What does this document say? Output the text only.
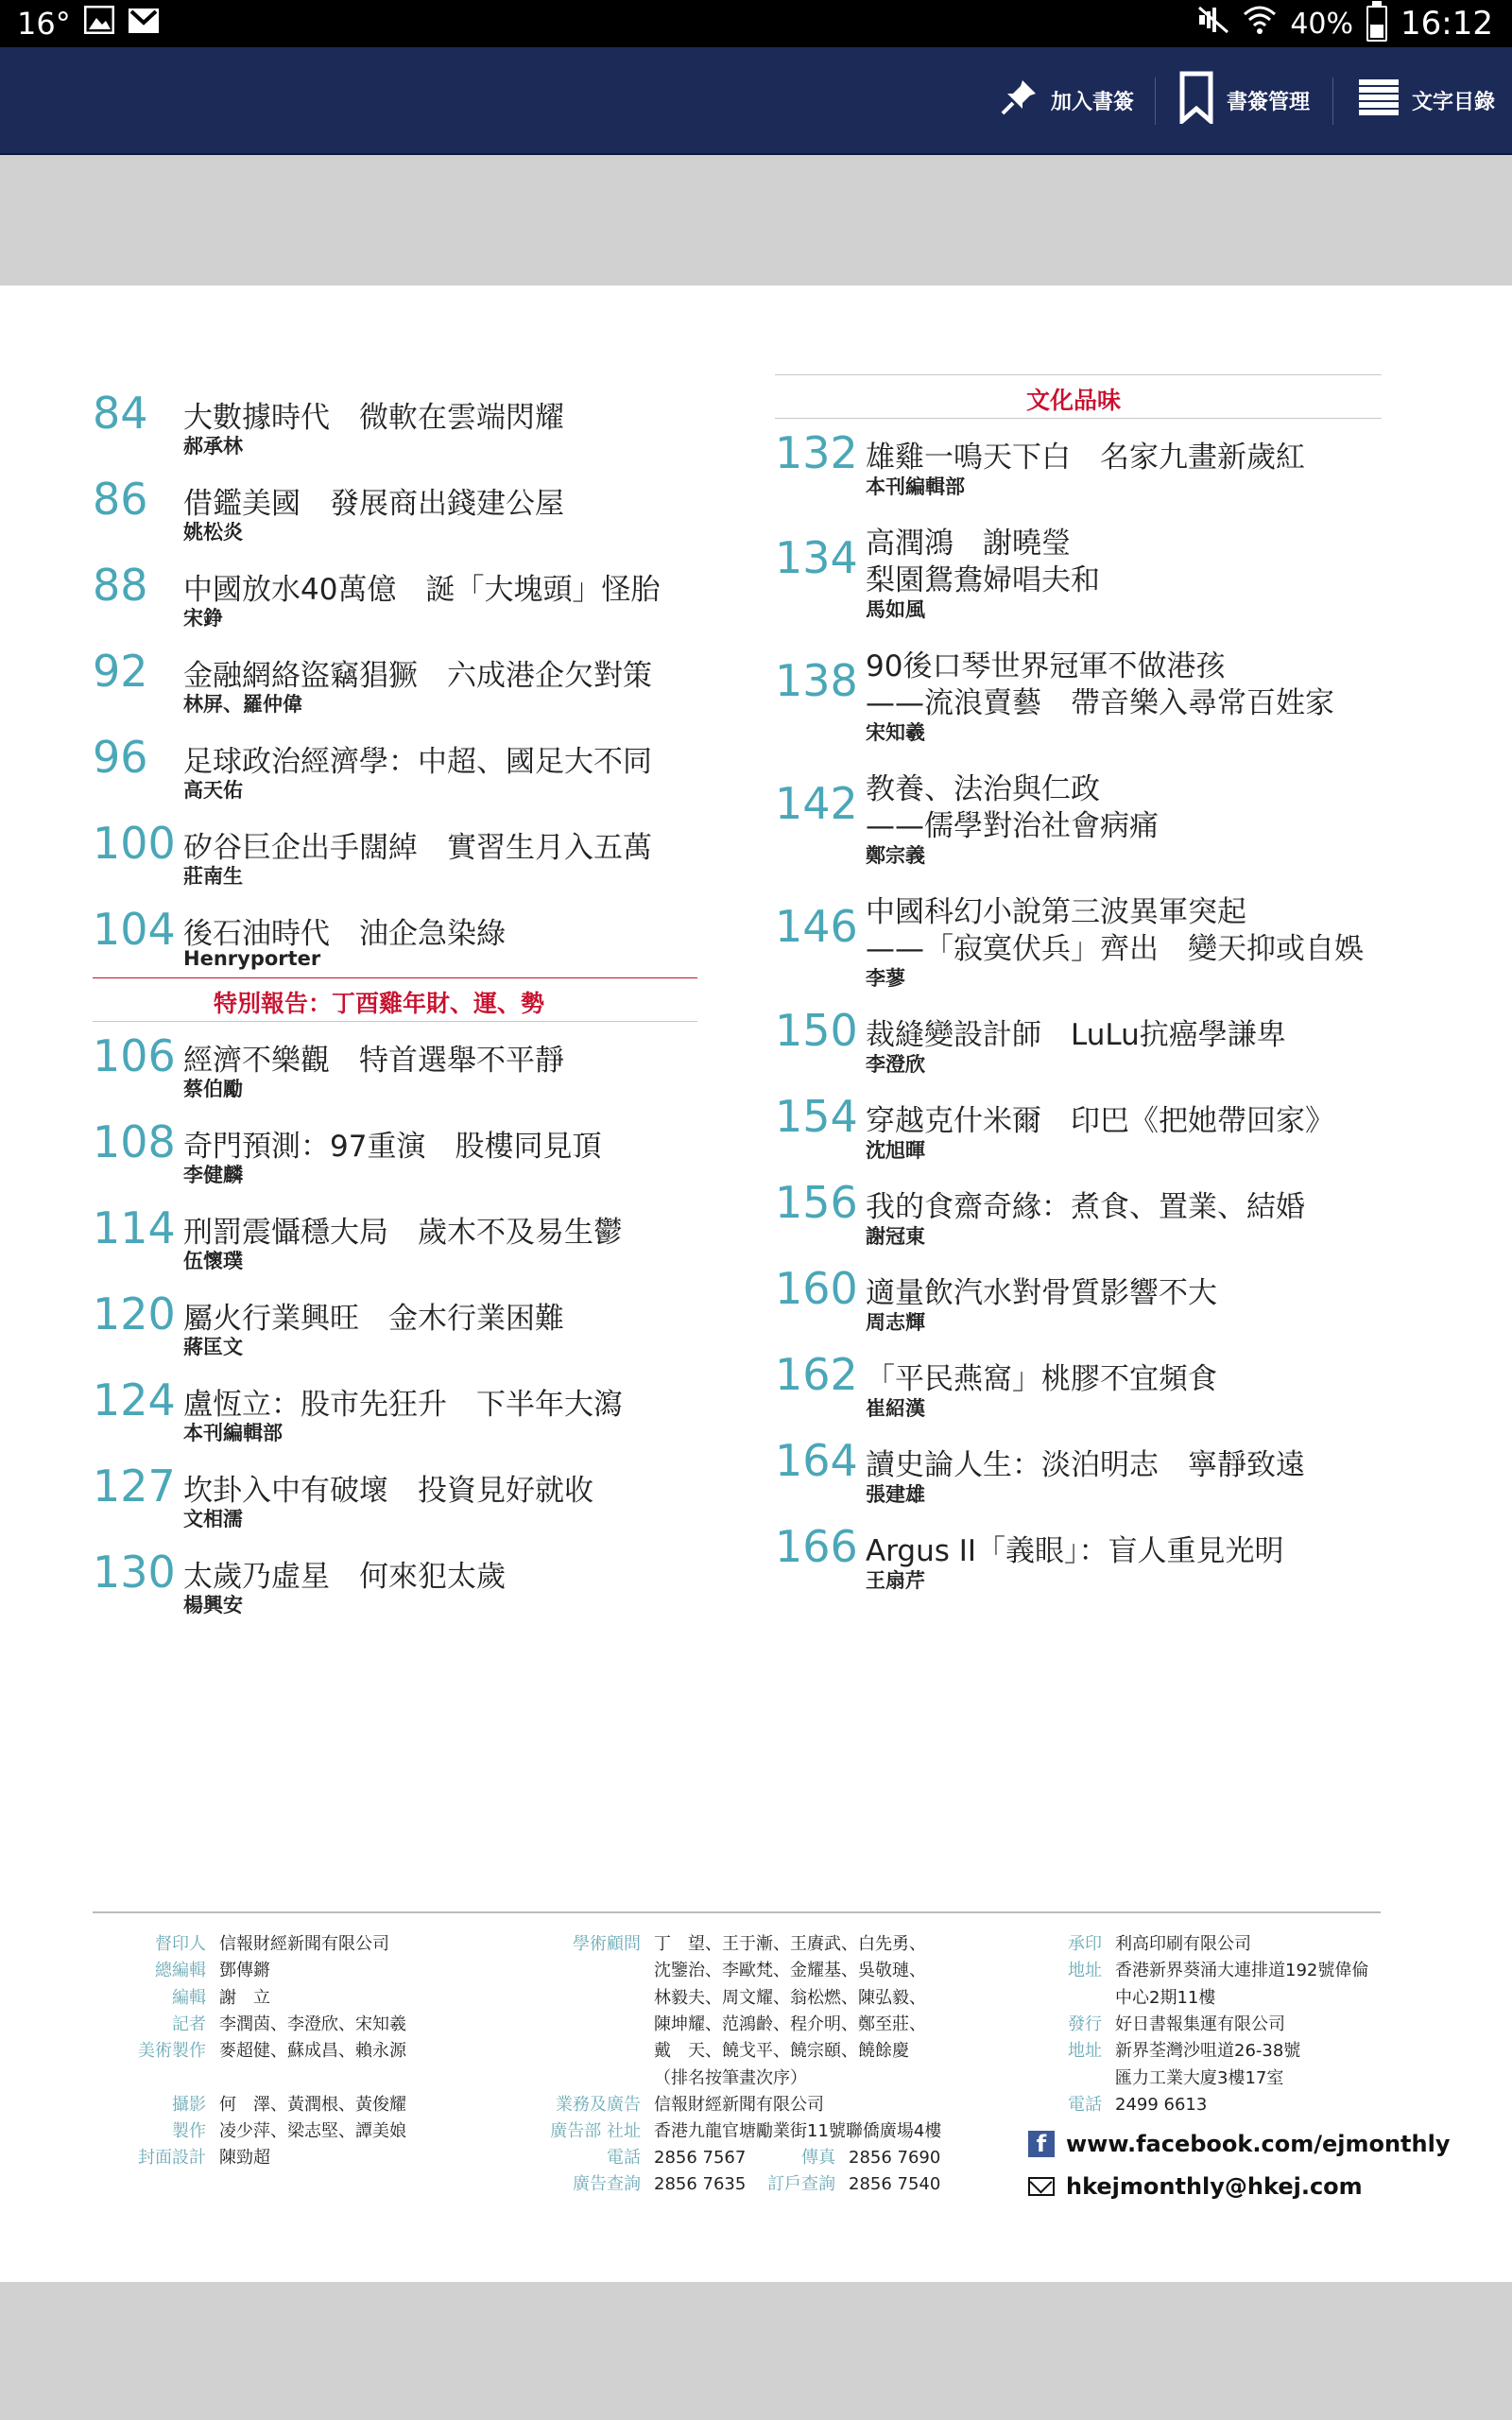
16°	40% 16:12
加入書簽	書簽管理	文字目錄
84 大數據時代　微軟在雲端閃耀
郝承林
86 借鑑美國　發展商出錢建公屋
姚松炎
88 中國放水40萬億　誕「大塊頭」怪胎
宋錚
92 金融網絡盜竊猖獗　六成港企欠對策
林屏、羅仲偉
96 足球政治經濟學：中超、國足大不同
高天佑
100 矽谷巨企出手闊綽　實習生月入五萬
莊南生
104 後石油時代　油企急染綠
Henryporter
特別報告：丁酉雞年財、運、勢
106 經濟不樂觀　特首選舉不平靜
蔡伯勵
108 奇門預測：97重演　股樓同見頂
李健麟
114 刑罰震懾穩大局　歲木不及易生鬱
伍懷璞
120 屬火行業興旺　金木行業困難
蔣匡文
124 盧恆立：股市先狂升　下半年大瀉
本刊編輯部
127 坎卦入中有破壞　投資見好就收
文相濡
130 太歲乃虛星　何來犯太歲
楊興安
文化品味
132 雄雞一鳴天下白　名家九畫新歲紅
本刊編輯部
134 高潤鴻　謝曉瑩
梨園鴛鴦婦唱夫和
馬如風
138 90後口琴世界冠軍不做港孩
——流浪賣藝　帶音樂入尋常百姓家
宋知羲
142 教養、法治與仁政
——儒學對治社會病痛
鄭宗義
146 中國科幻小說第三波異軍突起
——「寂寞伏兵」齊出　變天抑或自娛
李蓼
150 裁縫變設計師　LuLu抗癌學謙卑
李澄欣
154 穿越克什米爾　印巴《把她帶回家》
沈旭暉
156 我的食齋奇緣：煮食、置業、結婚
謝冠東
160 適量飲汽水對骨質影響不大
周志輝
162 「平民燕窩」桃膠不宜頻食
崔紹漢
164 讀史論人生：淡泊明志　寧靜致遠
張建雄
166 Argus II「義眼」：盲人重見光明
王扇芹
督印人 信報財經新聞有限公司
總編輯 鄧傳鏘
編輯 謝　立
記者 李潤茵、李澄欣、宋知羲
美術製作 麥超健、蘇成昌、賴永源
攝影 何　澤、黃潤根、黃俊耀
製作 凌少萍、梁志堅、譚美娘
封面設計 陳勁超
學術顧問 丁　望、王于漸、王賡武、白先勇、
沈鑒治、李歐梵、金耀基、吳敬璉、
林毅夫、周文耀、翁松燃、陳弘毅、
陳坤耀、范鴻齡、程介明、鄭至莊、
戴　天、饒戈平、饒宗頤、饒餘慶
（排名按筆畫次序）
業務及廣告 信報財經新聞有限公司
廣告部 社址 香港九龍官塘勵業街11號聯僑廣場4樓
電話 2856 7567	傳真 2856 7690
廣告查詢 2856 7635 訂戶查詢 2856 7540
承印 利高印刷有限公司
地址 香港新界葵涌大連排道192號偉倫
中心2期11樓
發行 好日書報集運有限公司
地址 新界荃灣沙咀道26-38號
匯力工業大廈3樓17室
電話 2499 6613
f www.facebook.com/ejmonthly
hkejmonthly@hkej.com
